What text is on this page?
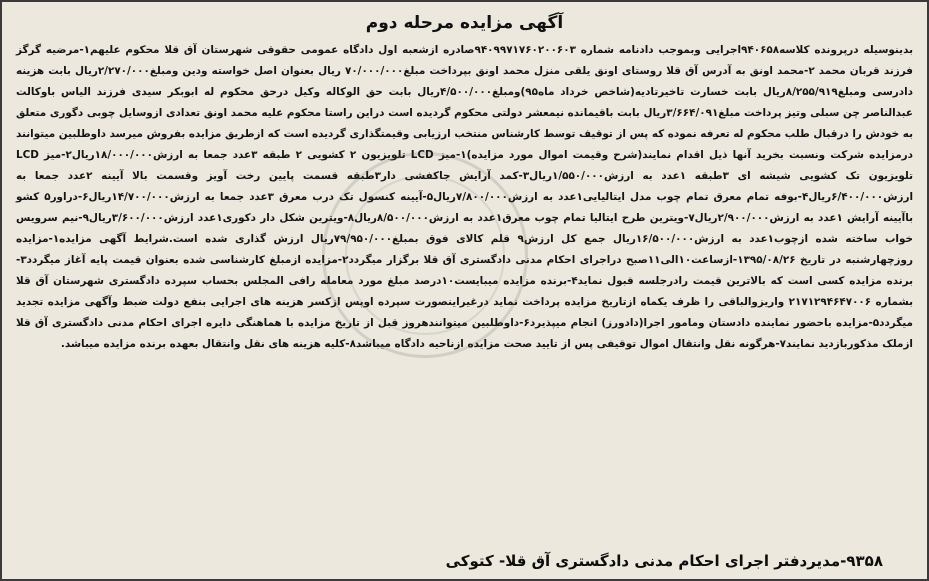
آگهی مزایده مرحله دوم
بدینوسیله درپرونده کلاسه۹۴۰۶۵۸اجرایی وبموجب دادنامه شماره ۹۴۰۹۹۷۱۷۶۰۲۰۰۶۰۳صادره ازشعبه اول دادگاه عمومی حقوقی شهرستان آق قلا محکوم علیهم۱-مرضیه گرگز فرزند قربان محمد ۲-محمد اونق به آدرس آق قلا روستای اونق یلقی منزل محمد اونق بپرداخت مبلغ۷۰/۰۰۰/۰۰۰ ریال بعنوان اصل خواسته ودین ومبلغ۲/۲۷۰/۰۰۰ریال بابت هزینه دادرسی ومبلغ۸/۲۵۵/۹۱۹ریال بابت خسارت تاخیرتادیه(شاخص خرداد ماه۹۵)ومبلغ۴/۵۰۰/۰۰۰ریال بابت حق الوکاله وکیل درحق محکوم له ابوبکر سیدی فرزند الیاس باوکالت عبدالناصر چن سبلی وتیز پرداخت مبلغ۳/۶۶۴/۰۹۱ریال بابت باقیمانده نیمعشر دولتی محکوم گردیده است دراین راستا محکوم علیه محمد اونق تعدادی ازوسایل چوبی دگوری متعلق به خودش را درقبال طلب محکوم له تعرفه نموده که پس از توقیف توسط کارشناس منتخب ارزیابی وقیمتگذاری گردیده است که ازطریق مزایده بفروش میرسد داوطلبین میتوانند درمزایده شرکت ونسبت بخرید آنها ذیل اقدام نمایند(شرح وقیمت اموال مورد مزایده)۱-میز LCD تلویزیون ۲ کشویی ۲ طبقه ۳عدد جمعا به ارزش۱۸/۰۰۰/۰۰۰ریال۲-میز LCD تلویزیون تک کشویی شیشه ای ۳طبقه ۱عدد به ارزش۱/۵۵۰/۰۰۰ریال۳-کمد آرایش جاکفشی دار۳طبقه قسمت پایین رخت آویز وقسمت بالا آیینه ۲عدد جمعا به ارزش۶/۴۰۰/۰۰۰ریال۴-بوفه تمام معرق تمام چوب مدل ایتالیایی۱عدد به ارزش۷/۸۰۰/۰۰۰ریال۵-آیینه کنسول تک درب معرق ۳عدد جمعا به ارزش۱۴/۷۰۰/۰۰۰ریال۶-دراور۵ کشو باآیینه آرایش ۱عدد به ارزش۲/۹۰۰/۰۰۰ریال۷-ویترین طرح ایتالیا تمام چوب معرق۱عدد به ارزش۸/۵۰۰/۰۰۰ریال۸-ویترین شکل دار دکوری۱عدد ارزش۳/۶۰۰/۰۰۰ریال۹-نیم سرویس خواب ساخته شده ازچوب۱عدد به ارزش۱۶/۵۰۰/۰۰۰ریال جمع کل ارزش۹ قلم کالای فوق بمبلغ۷۹/۹۵۰/۰۰۰ریال ارزش گذاری شده است.شرایط آگهی مزایده۱-مزایده روزچهارشنبه در تاریخ ۱۳۹۵/۰۸/۲۶-ازساعت۱۰الی۱۱صبح دراجرای احکام مدنی دادگستری آق قلا برگزار میگردد۲-مزایده ازمبلغ کارشناسی شده بعنوان قیمت پایه آغاز میگردد۳-برنده مزایده کسی است که بالاترین قیمت رادرجلسه قبول نماید۴-برنده مزایده میبایست۱۰درصد مبلغ مورد معامله رافی المجلس بحساب سپرده دادگستری شهرستان آق قلا بشماره ۲۱۷۱۲۹۴۶۴۷۰۰۶ واریزوالباقی را ظرف یکماه ازتاریخ مزایده پرداخت نماید درغیراینصورت سپرده اوپس ازکسر هزینه های اجرایی بنفع دولت ضبط وآگهی مزایده تجدید میگردد۵-مزایده باحضور نماینده دادستان ومامور اجرا(دادورز) انجام میپذیرد۶-داوطلبین میتوانندهروز قبل از تاریخ مزایده با هماهنگی دایره اجرای احکام مدنی دادگستری آق قلا ازملک مذکوربازدید نمایند۷-هرگونه نقل وانتقال اموال توقیفی پس از تایید صحت مزایده ازناحیه دادگاه میباشد۸-کلیه هزینه های نقل وانتقال بعهده برنده مزایده میباشد.
۹۳۵۸-مدیردفتر اجرای احکام مدنی دادگستری آق قلا- کتوکی
